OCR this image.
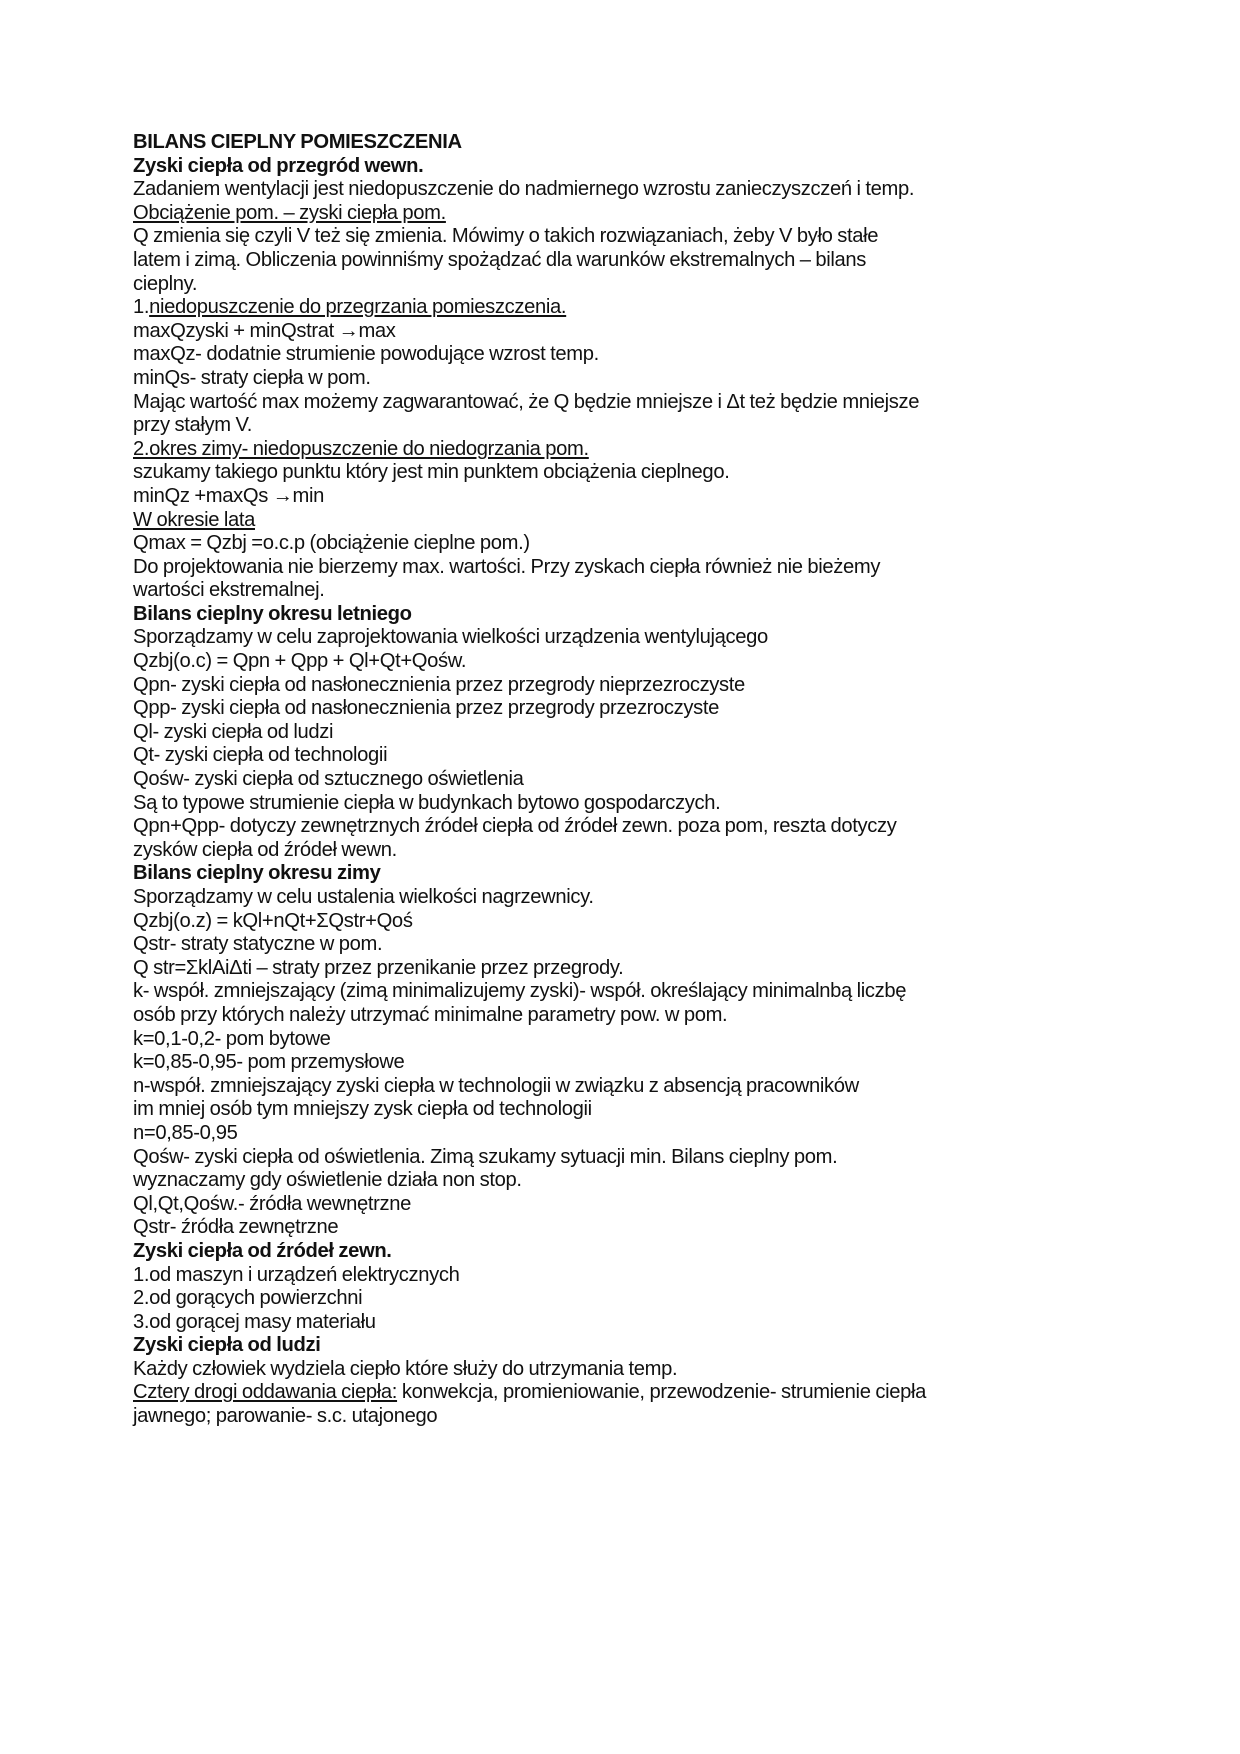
BILANS CIEPLNY POMIESZCZENIA
Zyski ciepła od przegród wewn.
Zadaniem wentylacji jest niedopuszczenie do nadmiernego wzrostu zanieczyszczeń i temp.
Obciążenie pom. – zyski ciepła pom.
Q zmienia się czyli V też się zmienia. Mówimy o takich rozwiązaniach, żeby V było stałe
latem i zimą. Obliczenia powinniśmy spożądzać dla warunków ekstremalnych – bilans
cieplny.
1.niedopuszczenie do przegrzania pomieszczenia.
maxQzyski + minQstrat →max
maxQz- dodatnie strumienie powodujące wzrost temp.
minQs- straty ciepła w pom.
Mając wartość max możemy zagwarantować, że Q będzie mniejsze i Δt też będzie mniejsze
przy stałym V.
2.okres zimy- niedopuszczenie do niedogrzania pom.
szukamy takiego punktu który jest min punktem obciążenia cieplnego.
minQz +maxQs →min
W okresie lata
Qmax = Qzbj =o.c.p (obciążenie cieplne pom.)
Do projektowania nie bierzemy max. wartości. Przy zyskach ciepła również nie bieżemy
wartości ekstremalnej.
Bilans cieplny okresu letniego
Sporządzamy w celu zaprojektowania wielkości urządzenia wentylującego
Qzbj(o.c) = Qpn + Qpp + Ql+Qt+Qośw.
Qpn- zyski ciepła od nasłonecznienia przez przegrody nieprzezroczyste
Qpp- zyski ciepła od nasłonecznienia przez przegrody przezroczyste
Ql- zyski ciepła od ludzi
Qt- zyski ciepła od technologii
Qośw- zyski ciepła od sztucznego oświetlenia
Są to typowe strumienie ciepła w budynkach bytowo gospodarczych.
Qpn+Qpp- dotyczy zewnętrznych źródeł ciepła od źródeł zewn. poza pom, reszta dotyczy
zysków ciepła od źródeł wewn.
Bilans cieplny okresu zimy
Sporządzamy w celu ustalenia wielkości nagrzewnicy.
Qzbj(o.z) = kQl+nQt+ΣQstr+Qoś
Qstr- straty statyczne w pom.
Q str=ΣklAiΔti – straty przez przenikanie przez przegrody.
k- współ. zmniejszający (zimą minimalizujemy zyski)- współ. określający minimalnbą liczbę
osób przy których należy utrzymać minimalne parametry pow. w pom.
k=0,1-0,2- pom bytowe
k=0,85-0,95- pom przemysłowe
n-współ. zmniejszający zyski ciepła w technologii w związku z absencją pracowników
im mniej osób tym mniejszy zysk ciepła od technologii
n=0,85-0,95
Qośw- zyski ciepła od oświetlenia. Zimą szukamy sytuacji min. Bilans cieplny pom.
wyznaczamy gdy oświetlenie działa non stop.
Ql,Qt,Qośw.- źródła wewnętrzne
Qstr- źródła zewnętrzne
Zyski ciepła od źródeł zewn.
1.od maszyn i urządzeń elektrycznych
2.od gorących powierzchni
3.od gorącej masy materiału
Zyski ciepła od ludzi
Każdy człowiek wydziela ciepło które służy do utrzymania temp.
Cztery drogi oddawania ciepła: konwekcja, promieniowanie, przewodzenie- strumienie ciepła
jawnego; parowanie- s.c. utajonego
